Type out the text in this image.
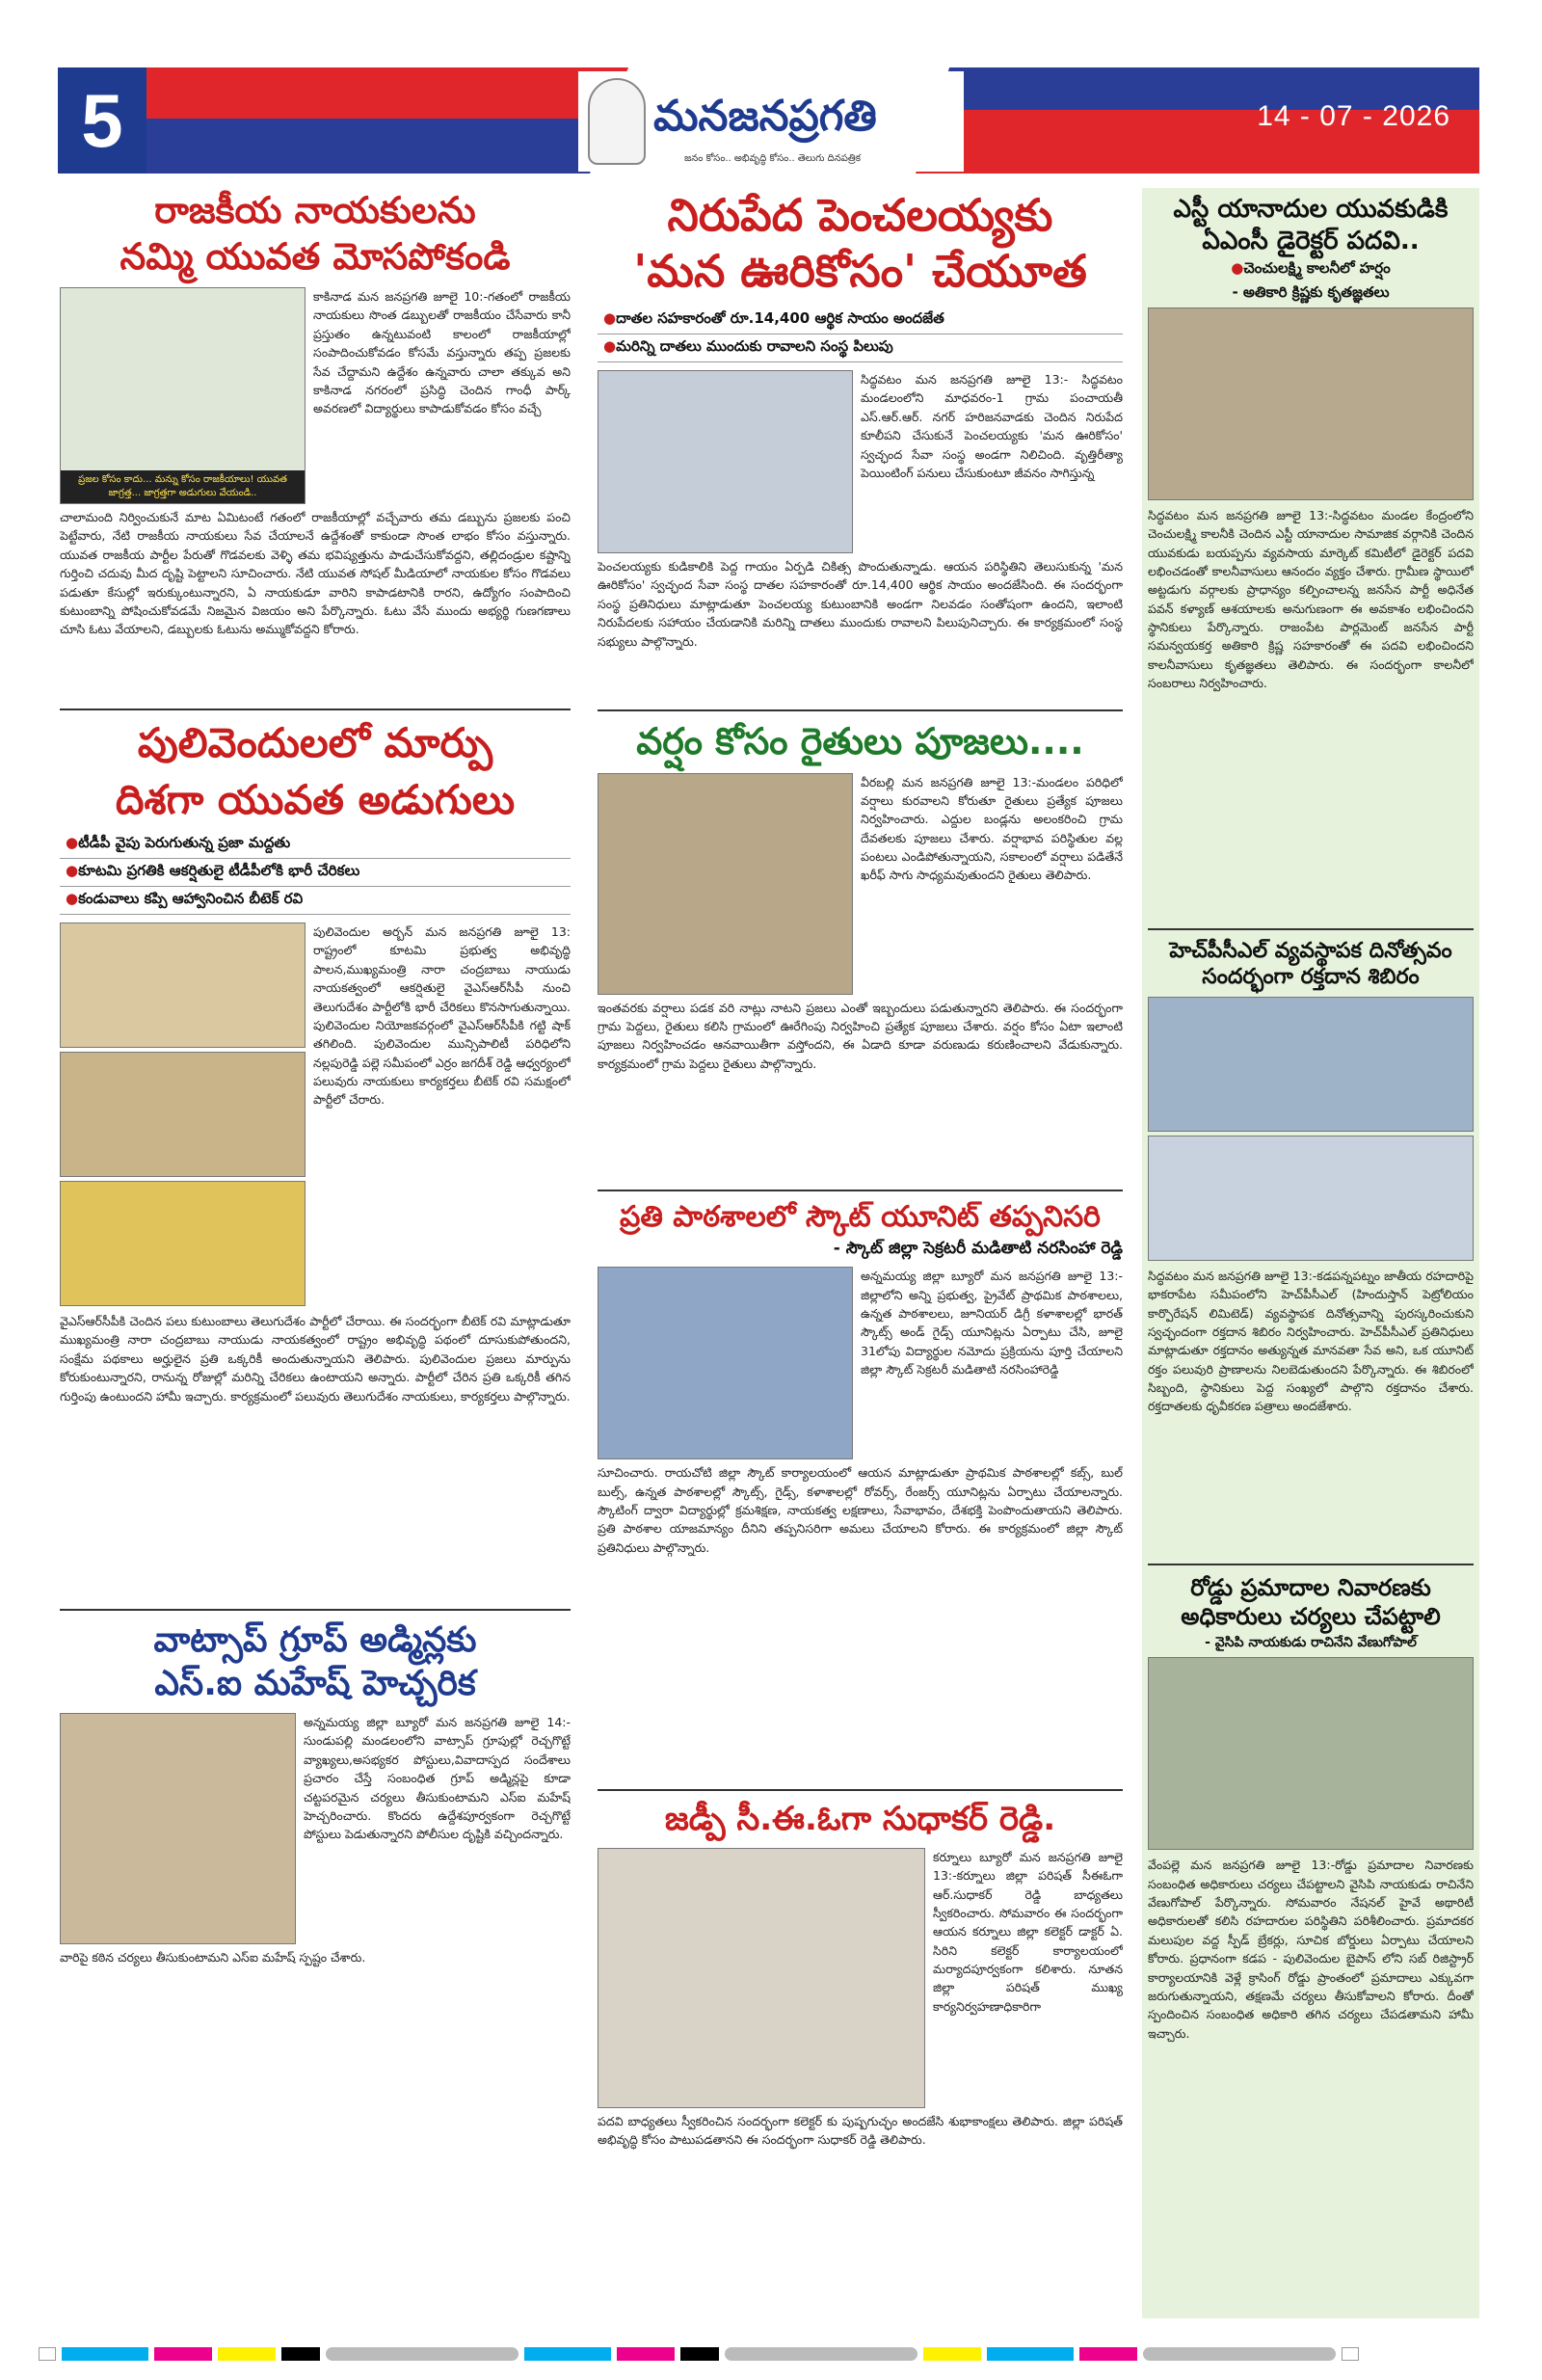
5	మనజనప్రగతి
జనం కోసం.. అభివృద్ధి కోసం.. తెలుగు దినపత్రిక
14 - 07 - 2026
రాజకీయ నాయకులను
నమ్మి యువత మోసపోకండి
ప్రజల కోసం కాదు... మన్ను కోసం రాజకీయాలు! యువత జాగ్రత్త... జాగ్రత్తగా అడుగులు వేయండి..
కాకినాడ మన జనప్రగతి జూలై 10:-గతంలో రాజకీయ నాయకులు సొంత డబ్బులతో రాజకీయం చేసేవారు కానీ ప్రస్తుతం ఉన్నటువంటి కాలంలో రాజకీయాల్లో సంపాదించుకోవడం కోసమే వస్తున్నారు తప్ప ప్రజలకు సేవ చేద్దామని ఉద్దేశం ఉన్నవారు చాలా తక్కువ అని కాకినాడ నగరంలో ప్రసిద్ధి చెందిన గాంధీ పార్క్ అవరణలో విద్యార్థులు కాపాడుకోవడం కోసం వచ్చే
చాలామంది నిర్వించుకునే మాట ఏమిటంటే గతంలో రాజకీయాల్లో వచ్చేవారు తమ డబ్బును ప్రజలకు పంచి పెట్టేవారు, నేటి రాజకీయ నాయకులు సేవ చేయాలనే ఉద్దేశంతో కాకుండా సొంత లాభం కోసం వస్తున్నారు. యువత రాజకీయ పార్టీల పేరుతో గొడవలకు వెళ్ళి తమ భవిష్యత్తును పాడుచేసుకోవద్దని, తల్లిదండ్రుల కష్టాన్ని గుర్తించి చదువు మీద దృష్టి పెట్టాలని సూచించారు. నేటి యువత సోషల్ మీడియాలో నాయకుల కోసం గొడవలు పడుతూ కేసుల్లో ఇరుక్కుంటున్నారని, ఏ నాయకుడూ వారిని కాపాడటానికి రారని, ఉద్యోగం సంపాదించి కుటుంబాన్ని పోషించుకోవడమే నిజమైన విజయం అని పేర్కొన్నారు. ఓటు వేసే ముందు అభ్యర్థి గుణగణాలు చూసి ఓటు వేయాలని, డబ్బులకు ఓటును అమ్ముకోవద్దని కోరారు.
పులివెందులలో మార్పు
దిశగా యువత అడుగులు
● టీడీపీ వైపు పెరుగుతున్న ప్రజా మద్దతు
● కూటమి ప్రగతికి ఆకర్షితులై టీడీపీలోకి భారీ చేరికలు
● కండువాలు కప్పి ఆహ్వానించిన బీటెక్ రవి
పులివెందుల అర్బన్ మన జనప్రగతి జూలై 13: రాష్ట్రంలో కూటమి ప్రభుత్వ అభివృద్ధి పాలన,ముఖ్యమంత్రి నారా చంద్రబాబు నాయుడు నాయకత్వంలో ఆకర్షితులై వైఎస్ఆర్‌సీపీ నుంచి తెలుగుదేశం పార్టీలోకి భారీ చేరికలు కొనసాగుతున్నాయి. పులివెందుల నియోజకవర్గంలో వైఎస్ఆర్‌సీపీకి గట్టి షాక్ తగిలింది. పులివెందుల మున్సిపాలిటీ పరిధిలోని నల్లపురెడ్డి పల్లె సమీపంలో ఎర్రం జగదీశ్ రెడ్డి ఆధ్వర్యంలో పలువురు నాయకులు కార్యకర్తలు బీటెక్ రవి సమక్షంలో పార్టీలో చేరారు.
వైఎస్ఆర్‌సీపీకి చెందిన పలు కుటుంబాలు తెలుగుదేశం పార్టీలో చేరాయి. ఈ సందర్భంగా బీటెక్ రవి మాట్లాడుతూ ముఖ్యమంత్రి నారా చంద్రబాబు నాయుడు నాయకత్వంలో రాష్ట్రం అభివృద్ధి పథంలో దూసుకుపోతుందని, సంక్షేమ పథకాలు అర్హులైన ప్రతి ఒక్కరికీ అందుతున్నాయని తెలిపారు. పులివెందుల ప్రజలు మార్పును కోరుకుంటున్నారని, రానున్న రోజుల్లో మరిన్ని చేరికలు ఉంటాయని అన్నారు. పార్టీలో చేరిన ప్రతి ఒక్కరికీ తగిన గుర్తింపు ఉంటుందని హామీ ఇచ్చారు. కార్యక్రమంలో పలువురు తెలుగుదేశం నాయకులు, కార్యకర్తలు పాల్గొన్నారు.
వాట్సాప్ గ్రూప్ అడ్మిన్లకు
ఎస్.ఐ మహేష్ హెచ్చరిక
అన్నమయ్య జిల్లా బ్యూరో మన జనప్రగతి జూలై 14:- సుండుపల్లి మండలంలోని వాట్సాప్ గ్రూపుల్లో రెచ్చగొట్టే వ్యాఖ్యలు,అసభ్యకర పోస్టులు,వివాదాస్పద సందేశాలు ప్రచారం చేస్తే సంబంధిత గ్రూప్ అడ్మిన్లపై కూడా చట్టపరమైన చర్యలు తీసుకుంటామని ఎస్ఐ మహేష్ హెచ్చరించారు. కొందరు ఉద్దేశపూర్వకంగా రెచ్చగొట్టే పోస్టులు పెడుతున్నారని పోలీసుల దృష్టికి వచ్చిందన్నారు.
వారిపై కఠిన చర్యలు తీసుకుంటామని ఎస్ఐ మహేష్ స్పష్టం చేశారు.
నిరుపేద పెంచలయ్యకు
'మన ఊరికోసం' చేయూత
● దాతల సహకారంతో రూ.14,400 ఆర్థిక సాయం అందజేత
● మరిన్ని దాతలు ముందుకు రావాలని సంస్థ పిలుపు
సిద్ధవటం మన జనప్రగతి జూలై 13:- సిద్ధవటం మండలంలోని మాధవరం-1 గ్రామ పంచాయతీ ఎస్.ఆర్.ఆర్. నగర్ హరిజనవాడకు చెందిన నిరుపేద కూలీపని చేసుకునే పెంచలయ్యకు 'మన ఊరికోసం' స్వచ్ఛంద సేవా సంస్థ అండగా నిలిచింది. వృత్తిరీత్యా పెయింటింగ్ పనులు చేసుకుంటూ జీవనం సాగిస్తున్న
పెంచలయ్యకు కుడికాలికి పెద్ద గాయం ఏర్పడి చికిత్స పొందుతున్నాడు. ఆయన పరిస్థితిని తెలుసుకున్న 'మన ఊరికోసం' స్వచ్ఛంద సేవా సంస్థ దాతల సహకారంతో రూ.14,400 ఆర్థిక సాయం అందజేసింది. ఈ సందర్భంగా సంస్థ ప్రతినిధులు మాట్లాడుతూ పెంచలయ్య కుటుంబానికి అండగా నిలవడం సంతోషంగా ఉందని, ఇలాంటి నిరుపేదలకు సహాయం చేయడానికి మరిన్ని దాతలు ముందుకు రావాలని పిలుపునిచ్చారు. ఈ కార్యక్రమంలో సంస్థ సభ్యులు పాల్గొన్నారు.
వర్షం కోసం రైతులు పూజలు....
వీరబల్లి మన జనప్రగతి జూలై 13:-మండలం పరిధిలో వర్షాలు కురవాలని కోరుతూ రైతులు ప్రత్యేక పూజలు నిర్వహించారు. ఎద్దుల బండ్లను అలంకరించి గ్రామ దేవతలకు పూజలు చేశారు. వర్షాభావ పరిస్థితుల వల్ల పంటలు ఎండిపోతున్నాయని, సకాలంలో వర్షాలు పడితేనే ఖరీఫ్ సాగు సాధ్యమవుతుందని రైతులు తెలిపారు.
ఇంతవరకు వర్షాలు పడక వరి నాట్లు నాటని ప్రజలు ఎంతో ఇబ్బందులు పడుతున్నారని తెలిపారు. ఈ సందర్భంగా గ్రామ పెద్దలు, రైతులు కలిసి గ్రామంలో ఊరేగింపు నిర్వహించి ప్రత్యేక పూజలు చేశారు. వర్షం కోసం ఏటా ఇలాంటి పూజలు నిర్వహించడం ఆనవాయితీగా వస్తోందని, ఈ ఏడాది కూడా వరుణుడు కరుణించాలని వేడుకున్నారు. కార్యక్రమంలో గ్రామ పెద్దలు రైతులు పాల్గొన్నారు.
ప్రతి పాఠశాలలో స్కౌట్ యూనిట్ తప్పనిసరి
- స్కౌట్ జిల్లా సెక్రటరీ మడితాటి నరసింహా రెడ్డి
అన్నమయ్య జిల్లా బ్యూరో మన జనప్రగతి జూలై 13:-జిల్లాలోని అన్ని ప్రభుత్వ, ప్రైవేట్ ప్రాథమిక పాఠశాలలు, ఉన్నత పాఠశాలలు, జూనియర్ డిగ్రీ కళాశాలల్లో భారత్ స్కౌట్స్ అండ్ గైడ్స్ యూనిట్లను ఏర్పాటు చేసి, జూలై 31లోపు విద్యార్థుల నమోదు ప్రక్రియను పూర్తి చేయాలని జిల్లా స్కౌట్ సెక్రటరీ మడితాటి నరసింహారెడ్డి
సూచించారు. రాయచోటి జిల్లా స్కౌట్ కార్యాలయంలో ఆయన మాట్లాడుతూ ప్రాథమిక పాఠశాలల్లో కబ్స్, బుల్ బుల్స్, ఉన్నత పాఠశాలల్లో స్కౌట్స్, గైడ్స్, కళాశాలల్లో రోవర్స్, రేంజర్స్ యూనిట్లను ఏర్పాటు చేయాలన్నారు. స్కౌటింగ్ ద్వారా విద్యార్థుల్లో క్రమశిక్షణ, నాయకత్వ లక్షణాలు, సేవాభావం, దేశభక్తి పెంపొందుతాయని తెలిపారు. ప్రతి పాఠశాల యాజమాన్యం దీనిని తప్పనిసరిగా అమలు చేయాలని కోరారు. ఈ కార్యక్రమంలో జిల్లా స్కౌట్ ప్రతినిధులు పాల్గొన్నారు.
జడ్పీ సీ.ఈ.ఓగా సుధాకర్ రెడ్డి.
కర్నూలు బ్యూరో మన జనప్రగతి జూలై 13:-కర్నూలు జిల్లా పరిషత్ సీఈఓగా ఆర్.సుధాకర్ రెడ్డి బాధ్యతలు స్వీకరించారు. సోమవారం ఈ సందర్భంగా ఆయన కర్నూలు జిల్లా కలెక్టర్ డాక్టర్ ఏ. సిరిని కలెక్టర్ కార్యాలయంలో మర్యాదపూర్వకంగా కలిశారు. నూతన జిల్లా పరిషత్ ముఖ్య కార్యనిర్వహణాధికారిగా
పదవి బాధ్యతలు స్వీకరించిన సందర్భంగా కలెక్టర్ కు పుష్పగుచ్ఛం అందజేసి శుభాకాంక్షలు తెలిపారు. జిల్లా పరిషత్ అభివృద్ధి కోసం పాటుపడతానని ఈ సందర్భంగా సుధాకర్ రెడ్డి తెలిపారు.
ఎస్టీ యానాదుల యువకుడికి ఏఎంసీ డైరెక్టర్ పదవి..
● చెంచులక్ష్మి కాలనీలో హర్షం
- అతికారి క్రిష్ణకు కృతజ్ఞతలు
సిద్ధవటం మన జనప్రగతి జూలై 13:-సిద్ధవటం మండల కేంద్రంలోని చెంచులక్ష్మి కాలనీకి చెందిన ఎస్టీ యానాదుల సామాజిక వర్గానికి చెందిన యువకుడు బయప్పను వ్యవసాయ మార్కెట్ కమిటీలో డైరెక్టర్ పదవి లభించడంతో కాలనీవాసులు ఆనందం వ్యక్తం చేశారు. గ్రామీణ స్థాయిలో అట్టడుగు వర్గాలకు ప్రాధాన్యం కల్పించాలన్న జనసేన పార్టీ అధినేత పవన్ కళ్యాణ్ ఆశయాలకు అనుగుణంగా ఈ అవకాశం లభించిందని స్థానికులు పేర్కొన్నారు. రాజంపేట పార్లమెంట్ జనసేన పార్టీ సమన్వయకర్త అతికారి క్రిష్ణ సహకారంతో ఈ పదవి లభించిందని కాలనీవాసులు కృతజ్ఞతలు తెలిపారు. ఈ సందర్భంగా కాలనీలో సంబరాలు నిర్వహించారు.
హెచ్‌పీసీఎల్ వ్యవస్థాపక దినోత్సవం సందర్భంగా రక్తదాన శిబిరం
సిద్ధవటం మన జనప్రగతి జూలై 13:-కడపన్నపట్నం జాతీయ రహదారిపై భాకరాపేట సమీపంలోని హెచ్‌పీసీఎల్ (హిందుస్తాన్ పెట్రోలియం కార్పొరేషన్ లిమిటెడ్) వ్యవస్థాపక దినోత్సవాన్ని పురస్కరించుకుని స్వచ్ఛందంగా రక్తదాన శిబిరం నిర్వహించారు. హెచ్‌పీసీఎల్ ప్రతినిధులు మాట్లాడుతూ రక్తదానం అత్యున్నత మానవతా సేవ అని, ఒక యూనిట్ రక్తం పలువురి ప్రాణాలను నిలబెడుతుందని పేర్కొన్నారు. ఈ శిబిరంలో సిబ్బంది, స్థానికులు పెద్ద సంఖ్యలో పాల్గొని రక్తదానం చేశారు. రక్తదాతలకు ధృవీకరణ పత్రాలు అందజేశారు.
రోడ్డు ప్రమాదాల నివారణకు అధికారులు చర్యలు చేపట్టాలి
- వైసిపి నాయకుడు రాచినేని వేణుగోపాల్
వేంపల్లె మన జనప్రగతి జూలై 13:-రోడ్డు ప్రమాదాల నివారణకు సంబంధిత అధికారులు చర్యలు చేపట్టాలని వైసిపి నాయకుడు రాచినేని వేణుగోపాల్ పేర్కొన్నారు. సోమవారం నేషనల్ హైవే అథారిటీ అధికారులతో కలిసి రహదారుల పరిస్థితిని పరిశీలించారు. ప్రమాదకర మలుపుల వద్ద స్పీడ్ బ్రేకర్లు, సూచిక బోర్డులు ఏర్పాటు చేయాలని కోరారు. ప్రధానంగా కడప - పులివెందుల బైపాస్ లోని సబ్ రిజిస్ట్రార్ కార్యాలయానికి వెళ్లే క్రాసింగ్ రోడ్డు ప్రాంతంలో ప్రమాదాలు ఎక్కువగా జరుగుతున్నాయని, తక్షణమే చర్యలు తీసుకోవాలని కోరారు. దీంతో స్పందించిన సంబంధిత అధికారి తగిన చర్యలు చేపడతామని హామీ ఇచ్చారు.
